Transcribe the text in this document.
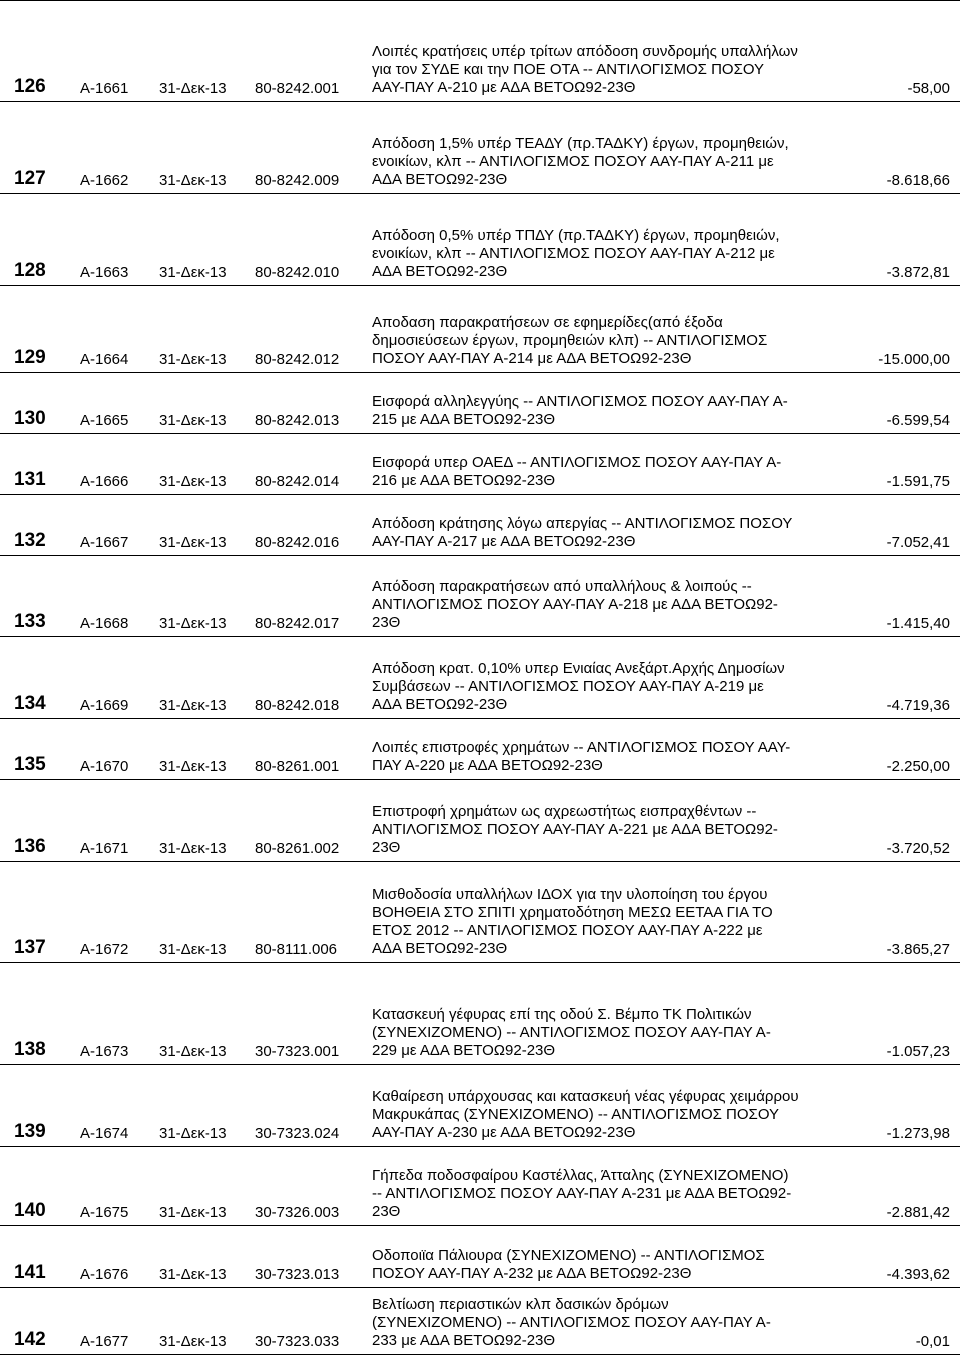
126 Α-1661 31-Δεκ-13 80-8242.001
Λοιπές κρατήσεις υπέρ τρίτων απόδοση συνδρομής υπαλλήλων
για τον ΣΥΔΕ και την ΠΟΕ ΟΤΑ -- ΑΝΤΙΛΟΓΙΣΜΟΣ ΠΟΣΟΥ
ΑΑΥ-ΠΑΥ Α-210 με ΑΔΑ ΒΕΤΟΩ92-23Θ	-58,00
127 Α-1662 31-Δεκ-13 80-8242.009
Απόδοση 1,5% υπέρ ΤΕΑΔΥ (πρ.ΤΑΔΚΥ) έργων, προμηθειών,
ενοικίων, κλπ -- ΑΝΤΙΛΟΓΙΣΜΟΣ ΠΟΣΟΥ ΑΑΥ-ΠΑΥ Α-211 με
ΑΔΑ ΒΕΤΟΩ92-23Θ	-8.618,66
128 Α-1663 31-Δεκ-13 80-8242.010
Απόδοση 0,5% υπέρ ΤΠΔΥ (πρ.ΤΑΔΚΥ) έργων, προμηθειών,
ενοικίων, κλπ -- ΑΝΤΙΛΟΓΙΣΜΟΣ ΠΟΣΟΥ ΑΑΥ-ΠΑΥ Α-212 με
ΑΔΑ ΒΕΤΟΩ92-23Θ	-3.872,81
129 Α-1664 31-Δεκ-13 80-8242.012
Αποδαση παρακρατήσεων σε εφημερίδες(από έξοδα
δημοσιεύσεων έργων, προμηθειών κλπ) -- ΑΝΤΙΛΟΓΙΣΜΟΣ
ΠΟΣΟΥ ΑΑΥ-ΠΑΥ Α-214 με ΑΔΑ ΒΕΤΟΩ92-23Θ	-15.000,00
130 Α-1665 31-Δεκ-13 80-8242.013
Εισφορά αλληλεγγύης -- ΑΝΤΙΛΟΓΙΣΜΟΣ ΠΟΣΟΥ ΑΑΥ-ΠΑΥ Α-
215 με ΑΔΑ ΒΕΤΟΩ92-23Θ	-6.599,54
131 Α-1666 31-Δεκ-13 80-8242.014
Εισφορά υπερ ΟΑΕΔ -- ΑΝΤΙΛΟΓΙΣΜΟΣ ΠΟΣΟΥ ΑΑΥ-ΠΑΥ Α-
216 με ΑΔΑ ΒΕΤΟΩ92-23Θ	-1.591,75
132 Α-1667 31-Δεκ-13 80-8242.016
Απόδοση κράτησης λόγω απεργίας -- ΑΝΤΙΛΟΓΙΣΜΟΣ ΠΟΣΟΥ
ΑΑΥ-ΠΑΥ Α-217 με ΑΔΑ ΒΕΤΟΩ92-23Θ	-7.052,41
133 Α-1668 31-Δεκ-13 80-8242.017
Απόδοση παρακρατήσεων από υπαλλήλους & λοιπούς --
ΑΝΤΙΛΟΓΙΣΜΟΣ ΠΟΣΟΥ ΑΑΥ-ΠΑΥ Α-218 με ΑΔΑ ΒΕΤΟΩ92-
23Θ	-1.415,40
134 Α-1669 31-Δεκ-13 80-8242.018
Απόδοση κρατ. 0,10% υπερ Ενιαίας Ανεξάρτ.Αρχής Δημοσίων
Συμβάσεων -- ΑΝΤΙΛΟΓΙΣΜΟΣ ΠΟΣΟΥ ΑΑΥ-ΠΑΥ Α-219 με
ΑΔΑ ΒΕΤΟΩ92-23Θ	-4.719,36
135 Α-1670 31-Δεκ-13 80-8261.001
Λοιπές επιστροφές χρημάτων -- ΑΝΤΙΛΟΓΙΣΜΟΣ ΠΟΣΟΥ ΑΑΥ-
ΠΑΥ Α-220 με ΑΔΑ ΒΕΤΟΩ92-23Θ	-2.250,00
136 Α-1671 31-Δεκ-13 80-8261.002
Επιστροφή χρημάτων ως αχρεωστήτως εισπραχθέντων --
ΑΝΤΙΛΟΓΙΣΜΟΣ ΠΟΣΟΥ ΑΑΥ-ΠΑΥ Α-221 με ΑΔΑ ΒΕΤΟΩ92-
23Θ	-3.720,52
137 Α-1672 31-Δεκ-13 80-8111.006
Μισθοδοσία υπαλλήλων ΙΔΟΧ για την υλοποίηση του έργου
ΒΟΗΘΕΙΑ ΣΤΟ ΣΠΙΤΙ χρηματοδότηση ΜΕΣΩ ΕΕΤΑΑ ΓΙΑ ΤΟ
ΕΤΟΣ 2012 -- ΑΝΤΙΛΟΓΙΣΜΟΣ ΠΟΣΟΥ ΑΑΥ-ΠΑΥ Α-222 με
ΑΔΑ ΒΕΤΟΩ92-23Θ	-3.865,27
138 Α-1673 31-Δεκ-13 30-7323.001
Κατασκευή γέφυρας επί της οδού Σ. Βέμπο ΤΚ Πολιτικών
(ΣΥΝΕΧΙΖΟΜΕΝΟ) -- ΑΝΤΙΛΟΓΙΣΜΟΣ ΠΟΣΟΥ ΑΑΥ-ΠΑΥ Α-
229 με ΑΔΑ ΒΕΤΟΩ92-23Θ	-1.057,23
139 Α-1674 31-Δεκ-13 30-7323.024
Καθαίρεση υπάρχουσας και κατασκευή νέας γέφυρας χειμάρρου
Μακρυκάπας (ΣΥΝΕΧΙΖΟΜΕΝΟ) -- ΑΝΤΙΛΟΓΙΣΜΟΣ ΠΟΣΟΥ
ΑΑΥ-ΠΑΥ Α-230 με ΑΔΑ ΒΕΤΟΩ92-23Θ	-1.273,98
140 Α-1675 31-Δεκ-13 30-7326.003
Γήπεδα ποδοσφαίρου Καστέλλας, Άτταλης (ΣΥΝΕΧΙΖΟΜΕΝΟ)
-- ΑΝΤΙΛΟΓΙΣΜΟΣ ΠΟΣΟΥ ΑΑΥ-ΠΑΥ Α-231 με ΑΔΑ ΒΕΤΟΩ92-
23Θ	-2.881,42
141 Α-1676 31-Δεκ-13 30-7323.013
Οδοποιϊα Πάλιουρα (ΣΥΝΕΧΙΖΟΜΕΝΟ) -- ΑΝΤΙΛΟΓΙΣΜΟΣ
ΠΟΣΟΥ ΑΑΥ-ΠΑΥ Α-232 με ΑΔΑ ΒΕΤΟΩ92-23Θ	-4.393,62
142 Α-1677 31-Δεκ-13 30-7323.033
Βελτίωση περιαστικών κλπ δασικών δρόμων
(ΣΥΝΕΧΙΖΟΜΕΝΟ) -- ΑΝΤΙΛΟΓΙΣΜΟΣ ΠΟΣΟΥ ΑΑΥ-ΠΑΥ Α-
233 με ΑΔΑ ΒΕΤΟΩ92-23Θ	-0,01
